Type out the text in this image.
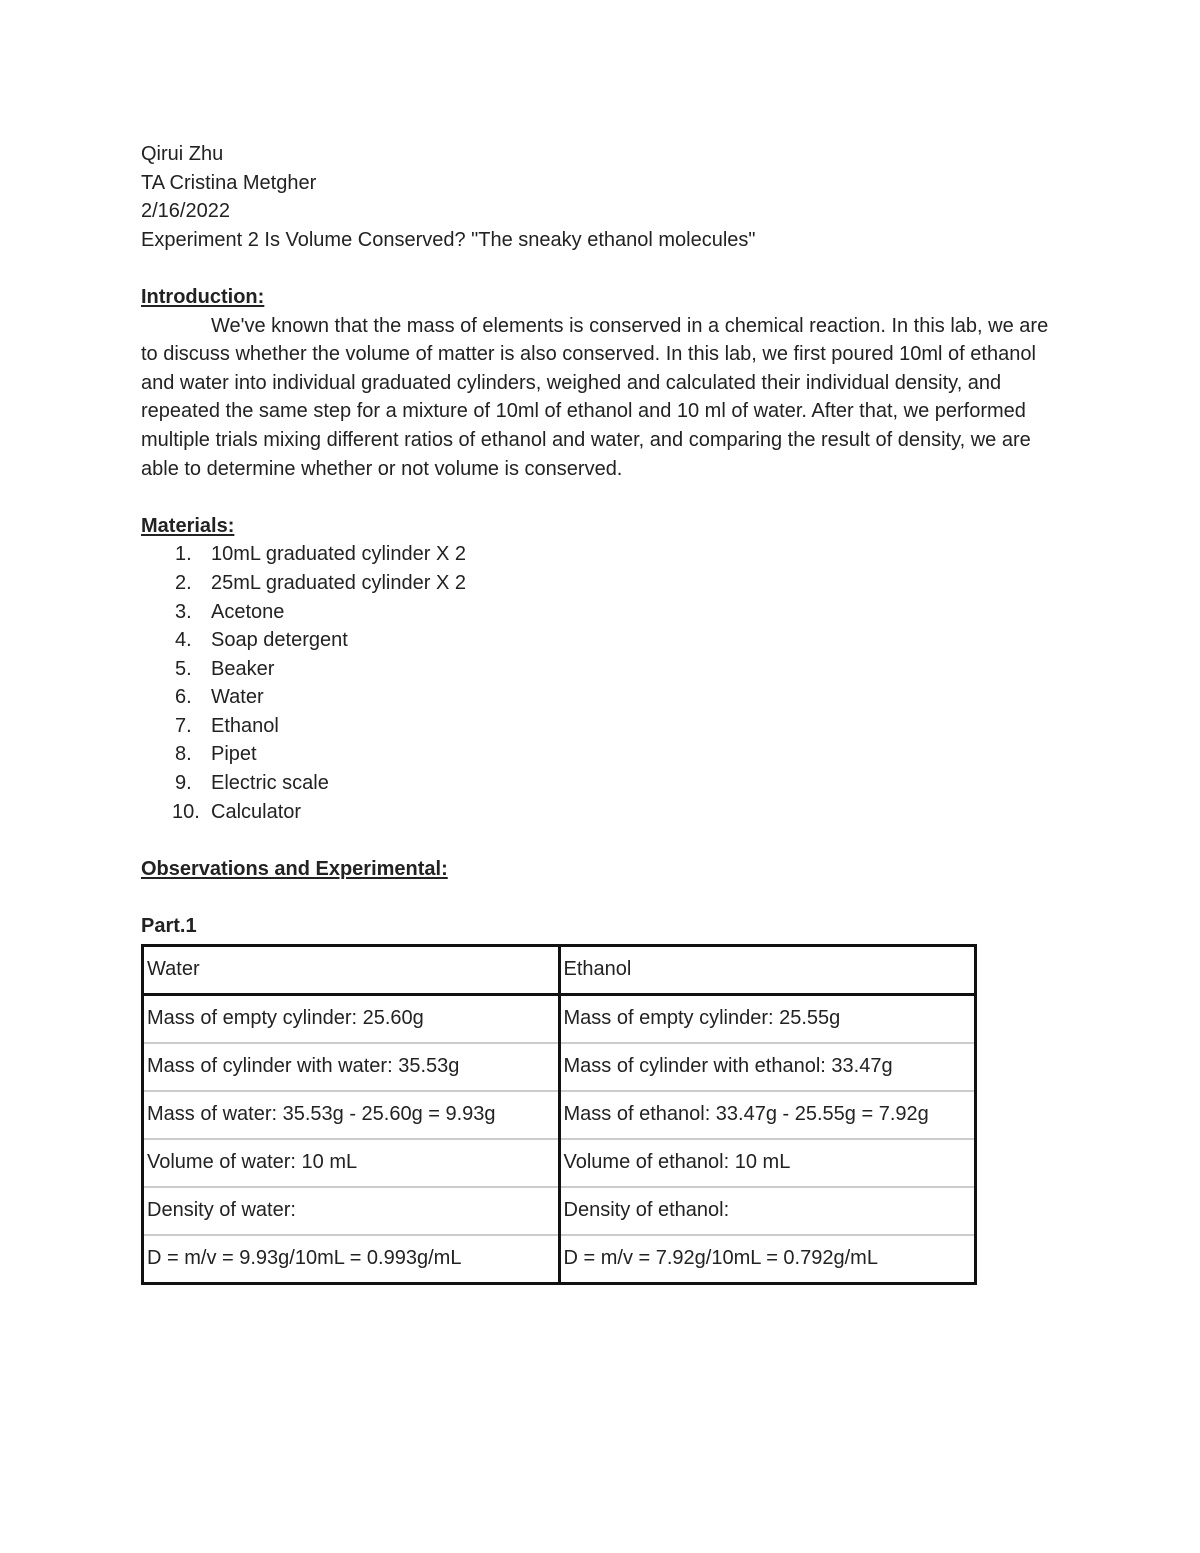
Qirui Zhu
TA Cristina Metgher
2/16/2022
Experiment 2 Is Volume Conserved? "The sneaky ethanol molecules"
Introduction:

We've known that the mass of elements is conserved in a chemical reaction. In this lab, we are to discuss whether the volume of matter is also conserved. In this lab, we first poured 10ml of ethanol and water into individual graduated cylinders, weighed and calculated their individual density, and repeated the same step for a mixture of 10ml of ethanol and 10 ml of water. After that, we performed multiple trials mixing different ratios of ethanol and water, and comparing the result of density, we are able to determine whether or not volume is conserved.

Materials:
1. 10mL graduated cylinder X 2
2. 25mL graduated cylinder X 2
3. Acetone
4. Soap detergent
5. Beaker
6. Water
7. Ethanol
8. Pipet
9. Electric scale
10. Calculator
Observations and Experimental:
Part.1
Water	Ethanol
Mass of empty cylinder: 25.60g	Mass of empty cylinder: 25.55g
Mass of cylinder with water: 35.53g	Mass of cylinder with ethanol: 33.47g
Mass of water: 35.53g - 25.60g = 9.93g	Mass of ethanol: 33.47g - 25.55g = 7.92g
Volume of water: 10 mL	Volume of ethanol: 10 mL
Density of water:	Density of ethanol:
D = m/v = 9.93g/10mL = 0.993g/mL	D = m/v = 7.92g/10mL = 0.792g/mL
